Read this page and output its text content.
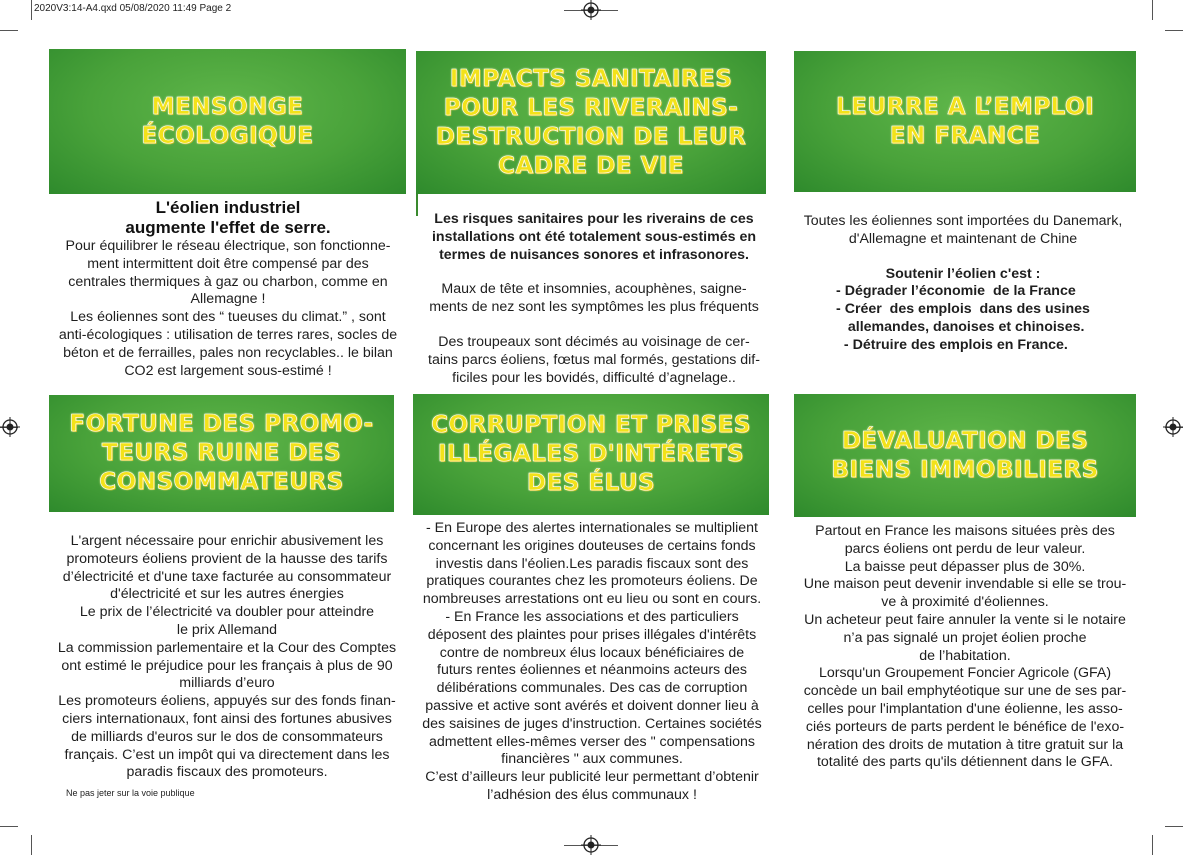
2020V3:14-A4.qxd 05/08/2020 11:49 Page 2
MENSONGE
ÉCOLOGIQUE

L'éolien industriel

augmente l'effet de serre.

Pour équilibrer le réseau électrique, son fonctionne-

ment intermittent doit être compensé par des

centrales thermiques à gaz ou charbon, comme en

Allemagne !

Les éoliennes sont des “ tueuses du climat.” , sont

anti-écologiques : utilisation de terres rares, socles de

béton et de ferrailles, pales non recyclables.. le bilan

CO2 est largement sous-estimé !

IMPACTS SANITAIRES
POUR LES RIVERAINS-
DESTRUCTION DE LEUR
CADRE DE VIE

Les risques sanitaires pour les riverains de ces

installations ont été totalement sous-estimés en

termes de nuisances sonores et infrasonores.

Maux de tête et insomnies, acouphènes, saigne-

ments de nez sont les symptômes les plus fréquents

Des troupeaux sont décimés au voisinage de cer-

tains parcs éoliens, fœtus mal formés, gestations dif-

ficiles pour les bovidés, difficulté d’agnelage..

LEURRE A L’EMPLOI
EN FRANCE

Toutes les éoliennes sont importées du Danemark,

d'Allemagne et maintenant de Chine

Soutenir l’éolien c'est :

- Dégrader l’économie  de la France

- Créer  des emplois  dans des usines

allemandes, danoises et chinoises.

- Détruire des emplois en France.

FORTUNE DES PROMO-
TEURS RUINE DES
CONSOMMATEURS

L'argent nécessaire pour enrichir abusivement les

promoteurs éoliens provient de la hausse des tarifs

d’électricité et d'une taxe facturée au consommateur

d'électricité et sur les autres énergies

Le prix de l’électricité va doubler pour atteindre

le prix Allemand

La commission parlementaire et la Cour des Comptes

ont estimé le préjudice pour les français à plus de 90

milliards d’euro

Les promoteurs éoliens, appuyés sur des fonds finan-

ciers internationaux, font ainsi des fortunes abusives

de milliards d'euros sur le dos de consommateurs

français. C’est un impôt qui va directement dans les

paradis fiscaux des promoteurs.

Ne pas jeter sur la voie publique
CORRUPTION ET PRISES
ILLÉGALES D'INTÉRETS
DES ÉLUS

- En Europe des alertes internationales se multiplient

concernant les origines douteuses de certains fonds

investis dans l'éolien.Les paradis fiscaux sont des

pratiques courantes chez les promoteurs éoliens. De

nombreuses arrestations ont eu lieu ou sont en cours.

- En France les associations et des particuliers

déposent des plaintes pour prises illégales d'intérêts

contre de nombreux élus locaux bénéficiaires de

futurs rentes éoliennes et néanmoins acteurs des

délibérations communales. Des cas de corruption

passive et active sont avérés et doivent donner lieu à

des saisines de juges d'instruction. Certaines sociétés

admettent elles-mêmes verser des " compensations

financières " aux communes.

C’est d’ailleurs leur publicité leur permettant d’obtenir

l’adhésion des élus communaux !

DÉVALUATION DES
BIENS IMMOBILIERS

Partout en France les maisons situées près des

parcs éoliens ont perdu de leur valeur.

La baisse peut dépasser plus de 30%.

Une maison peut devenir invendable si elle se trou-

ve à proximité d'éoliennes.

Un acheteur peut faire annuler la vente si le notaire

n’a pas signalé un projet éolien proche

de l’habitation.

Lorsqu'un Groupement Foncier Agricole (GFA)

concède un bail emphytéotique sur une de ses par-

celles pour l'implantation d'une éolienne, les asso-

ciés porteurs de parts perdent le bénéfice de l'exo-

nération des droits de mutation à titre gratuit sur la

totalité des parts qu'ils détiennent dans le GFA.
